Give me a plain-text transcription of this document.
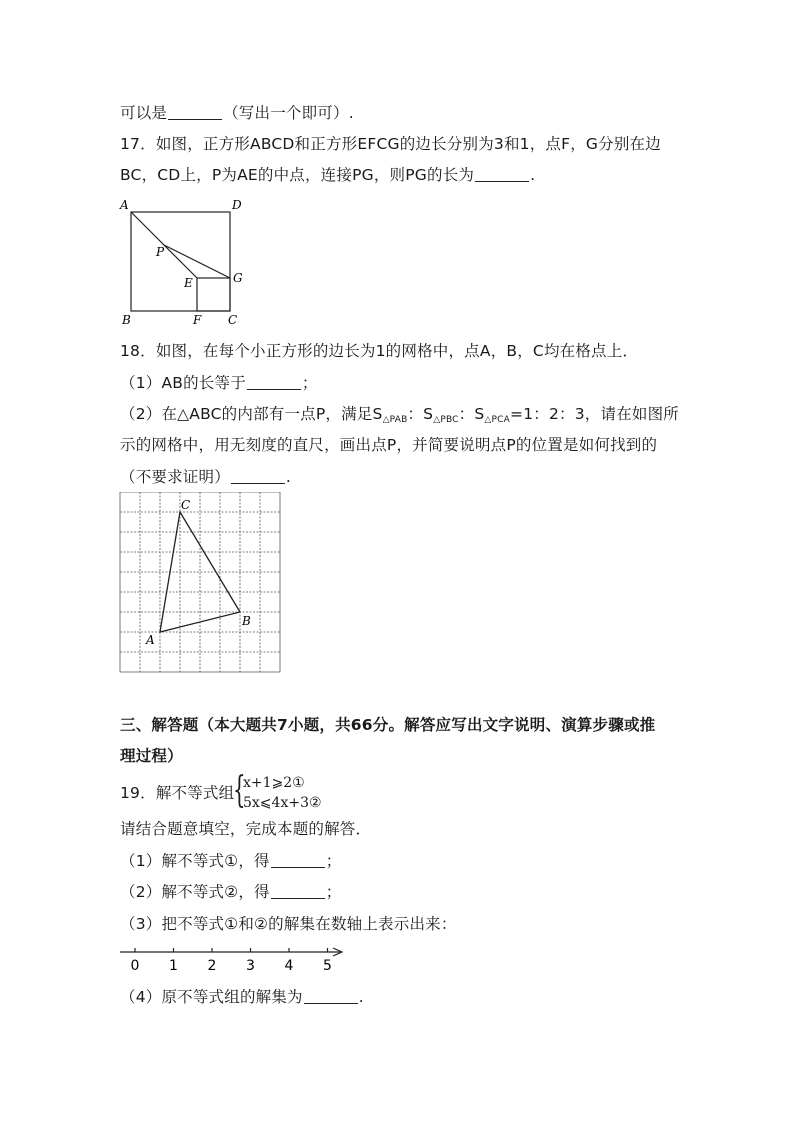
可以是	（写出一个即可）.
17．如图，正方形ABCD和正方形EFCG的边长分别为3和1，点F，G分别在边
BC，CD上，P为AE的中点，连接PG，则PG的长为	.
A	D
P
E	G
B	F C
18．如图，在每个小正方形的边长为1的网格中，点A，B，C均在格点上．
（1）AB的长等于	；
（2）在△ABC的内部有一点P，满足$S_{\triangle PAB}$：$S_{\triangle PBC}$：$S_{\triangle PCA}=1$：2：3，请在如图所
示的网格中，用无刻度的直尺，画出点P，并简要说明点P的位置是如何找到的
（不要求证明）	.
C
A
B
三、解答题（本大题共7小题，共66分。解答应写出文字说明、演算步骤或推
理过程）
19．解不等式组
{
x+1⩾2①
5x⩽4x+3②
请结合题意填空，完成本题的解答．
（1）解不等式①，得	；
（2）解不等式②，得	；
（3）把不等式①和②的解集在数轴上表示出来：
0 1 2 3 4 5
（4）原不等式组的解集为	.
